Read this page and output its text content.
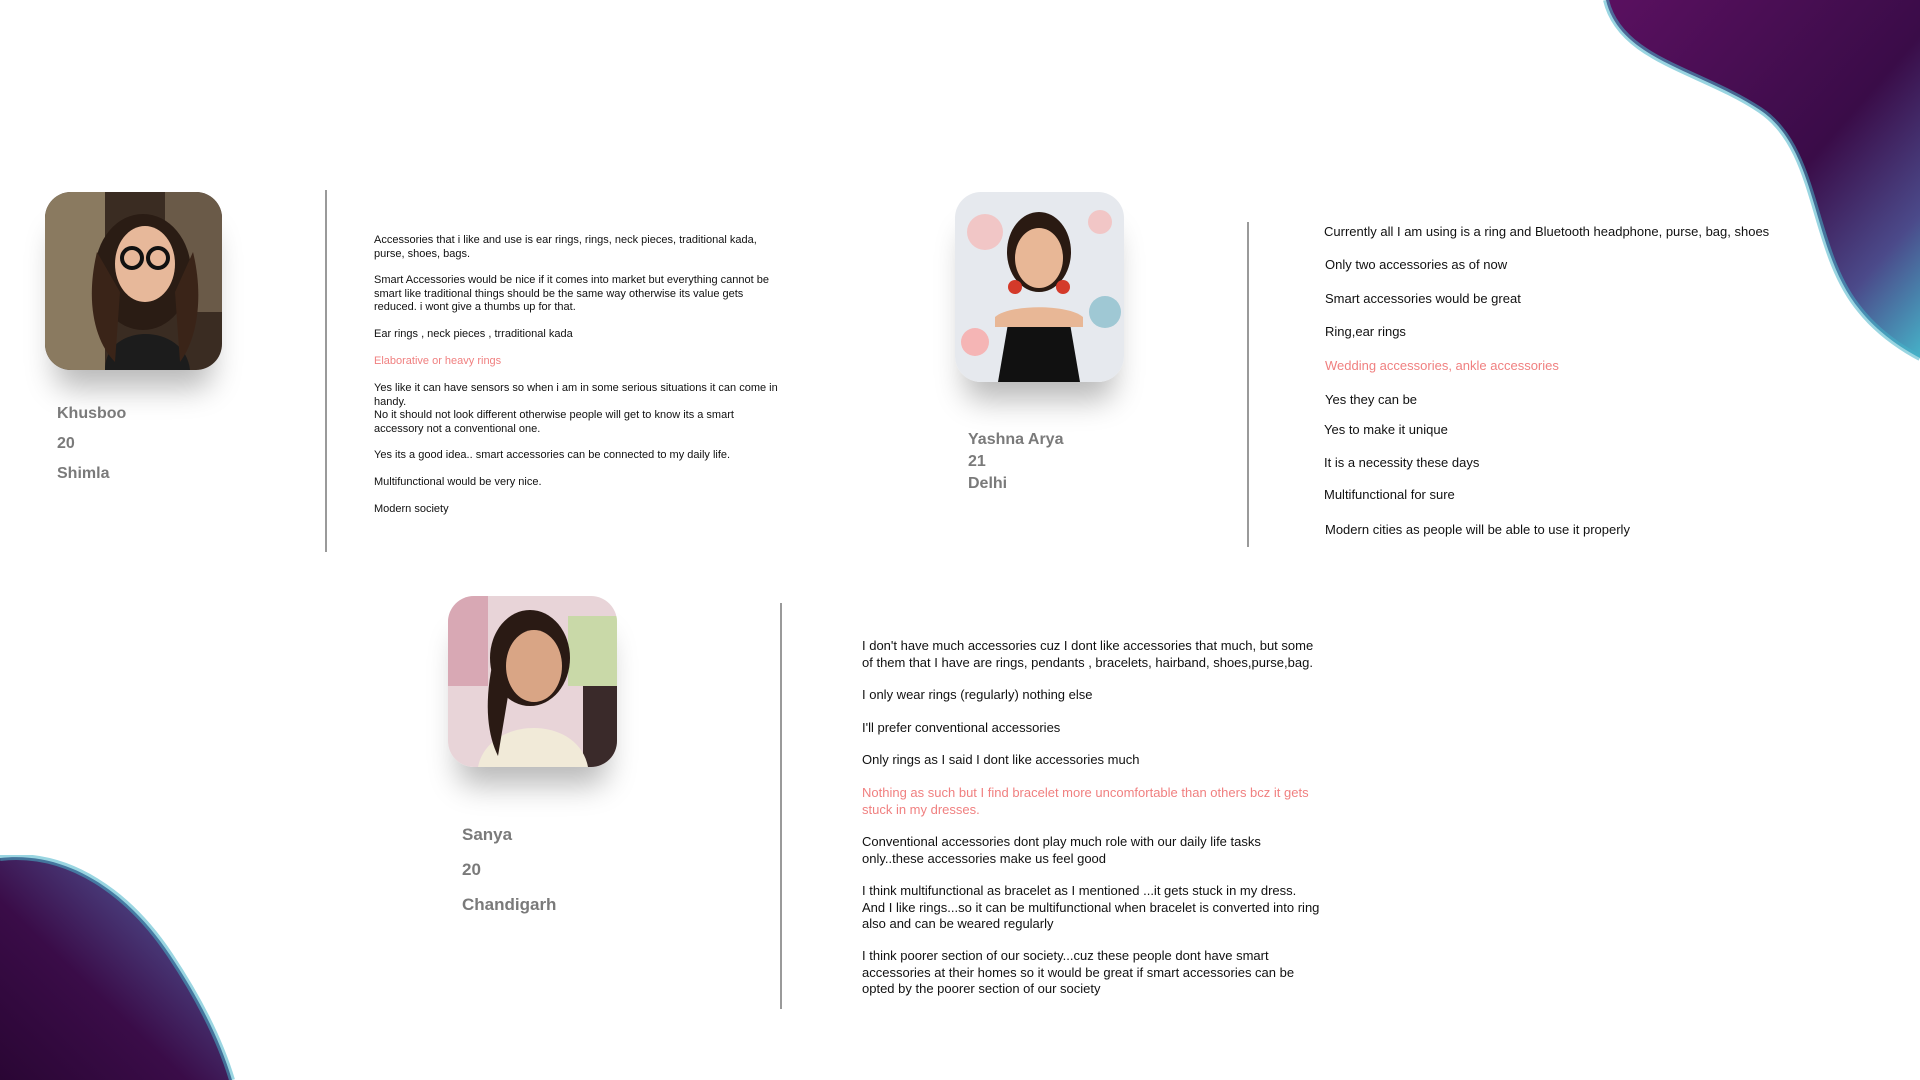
Khusboo
20
Shimla
Accessories that i like and use is ear rings, rings, neck pieces, traditional kada, purse, shoes, bags.
Smart Accessories would be nice if it comes into market but everything cannot be smart like traditional things should be the same way otherwise its value gets reduced. i wont give a thumbs up for that.
Ear rings , neck pieces , trraditional kada
Elaborative or heavy rings
Yes like it can have sensors so when i am in some serious situations it can come in handy.
No it should not look different otherwise people will get to know its a smart accessory not a conventional one.
Yes its a good idea.. smart accessories can be connected to my daily life.
Multifunctional would be very nice.
Modern society
Yashna Arya
21
Delhi
Currently all I am using is a ring and Bluetooth headphone, purse, bag, shoes
Only two accessories as of now
Smart accessories would be great
Ring,ear rings
Wedding accessories, ankle accessories
Yes they can be
Yes to make it unique
It is a necessity these days
Multifunctional for sure
Modern cities as people will be able to use it properly
Sanya
20
Chandigarh
I don't have much accessories cuz I dont like accessories that much, but some of them that I have are rings, pendants , bracelets, hairband, shoes,purse,bag.
I only wear rings (regularly) nothing else
I'll prefer conventional accessories
Only rings as I said I dont like accessories much
Nothing as such but I find bracelet more uncomfortable than others bcz it gets stuck in my dresses.
Conventional accessories dont play much role with our daily life tasks only..these accessories make us feel good
I think multifunctional as bracelet as I mentioned ...it gets stuck in my dress. And I like rings...so it can be multifunctional when bracelet is converted into ring also and can be weared regularly
I think poorer section of our society...cuz these people dont have smart accessories at their homes so it would be great if smart accessories can be opted by the poorer section of our society
